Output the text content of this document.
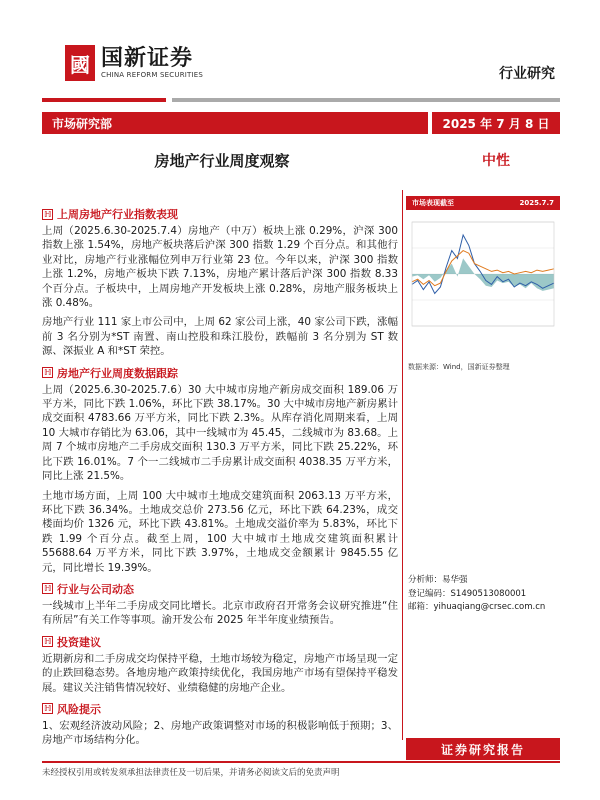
國 国新证券
CHINA REFORM SECURITIES	行业研究
市场研究部	2025 年 7 月 8 日
房地产行业周度观察	中性
市场表现截至	2025.7.7
数据来源：Wind，国新证券整理
分析师：易华强
登记编码：S1490513080001
邮箱：yihuaqiang@crsec.com.cn
证券研究报告
ℍ 上周房地产行业指数表现

上周（2025.6.30-2025.7.4）房地产（中万）板块上涨 0.29%，沪深 300 指数上涨 1.54%，房地产板块落后沪深 300 指数 1.29 个百分点。和其他行业对比，房地产行业涨幅位列申万行业第 23 位。今年以来，沪深 300 指数上涨 1.2%，房地产板块下跌 7.13%，房地产累计落后沪深 300 指数 8.33 个百分点。子板块中，上周房地产开发板块上涨 0.28%，房地产服务板块上涨 0.48%。

房地产行业 111 家上市公司中，上周 62 家公司上涨，40 家公司下跌，涨幅前 3 名分别为*ST 南置、南山控股和珠江股份，跌幅前 3 名分别为 ST 数源、深振业 A 和*ST 荣控。

ℍ 房地产行业周度数据跟踪

上周（2025.6.30-2025.7.6）30 大中城市房地产新房成交面积 189.06 万平方米，同比下跌 1.06%，环比下跌 38.17%。30 大中城市房地产新房累计成交面积 4783.66 万平方米，同比下跌 2.3%。从库存消化周期来看，上周 10 大城市存销比为 63.06，其中一线城市为 45.45，二线城市为 83.68。上周 7 个城市房地产二手房成交面积 130.3 万平方米，同比下跌 25.22%，环比下跌 16.01%。7 个一二线城市二手房累计成交面积 4038.35 万平方米，同比上涨 21.5%。

土地市场方面，上周 100 大中城市土地成交建筑面积 2063.13 万平方米，环比下跌 36.34%。土地成交总价 273.56 亿元，环比下跌 64.23%，成交楼面均价 1326 元，环比下跌 43.81%。土地成交溢价率为 5.83%，环比下跌 1.99 个百分点。截至上周，100 大中城市土地成交建筑面积累计 55688.64 万平方米，同比下跌 3.97%，土地成交金额累计 9845.55 亿元，同比增长 19.39%。

ℍ 行业与公司动态

一线城市上半年二手房成交同比增长。北京市政府召开常务会议研究推进“住有所居”有关工作等事项。渝开发公布 2025 年半年度业绩预告。

ℍ 投资建议

近期新房和二手房成交均保持平稳，土地市场较为稳定，房地产市场呈现一定的止跌回稳态势。各地房地产政策持续优化，我国房地产市场有望保持平稳发展。建议关注销售情况较好、业绩稳健的房地产企业。

ℍ 风险提示

1、宏观经济波动风险；2、房地产政策调整对市场的积极影响低于预期；3、房地产市场结构分化。

未经授权引用或转发须承担法律责任及一切后果，并请务必阅读文后的免责声明
